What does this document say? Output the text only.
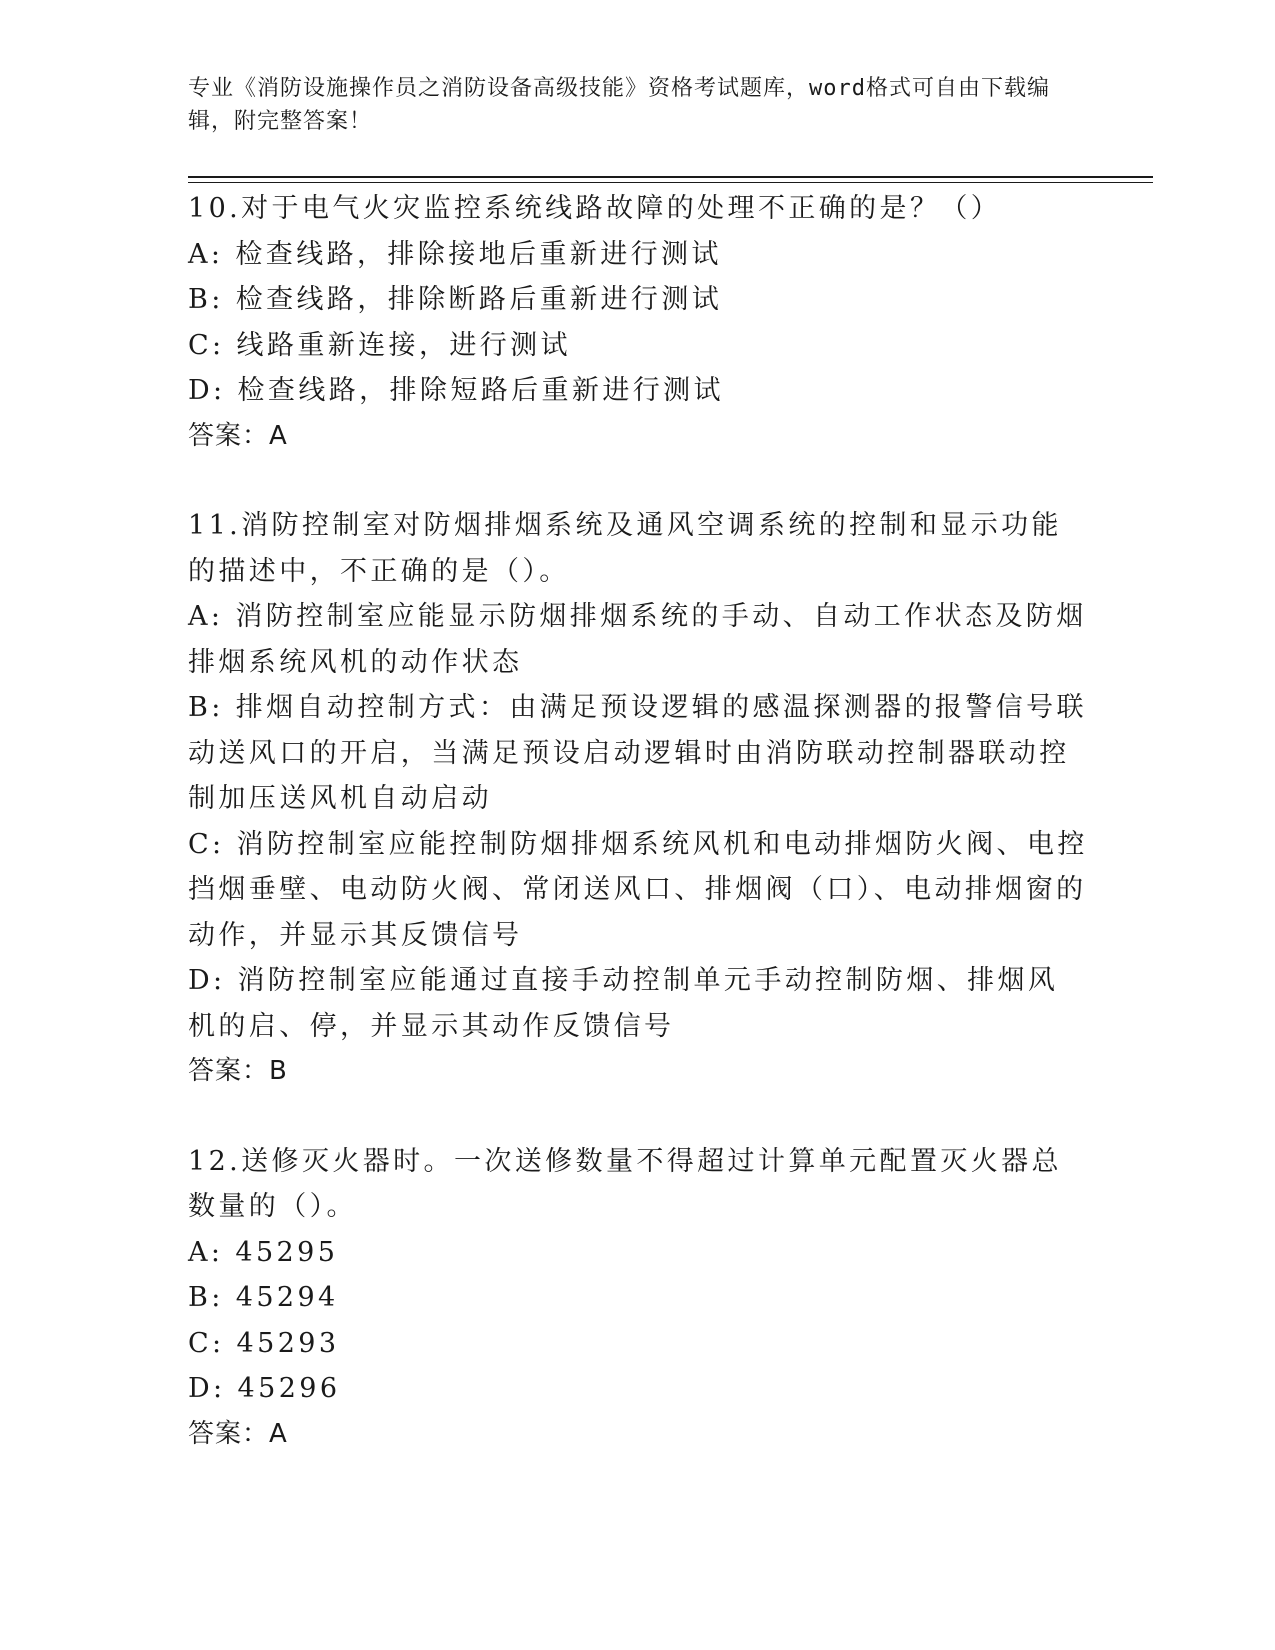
专业《消防设施操作员之消防设备高级技能》资格考试题库，word格式可自由下载编辑，附完整答案！

10.对于电气火灾监控系统线路故障的处理不正确的是？（）

A: 检查线路，排除接地后重新进行测试

B: 检查线路，排除断路后重新进行测试

C: 线路重新连接，进行测试

D: 检查线路，排除短路后重新进行测试

答案：A

11.消防控制室对防烟排烟系统及通风空调系统的控制和显示功能的描述中，不正确的是（）。

A: 消防控制室应能显示防烟排烟系统的手动、自动工作状态及防烟排烟系统风机的动作状态

B: 排烟自动控制方式：由满足预设逻辑的感温探测器的报警信号联动送风口的开启，当满足预设启动逻辑时由消防联动控制器联动控制加压送风机自动启动

C: 消防控制室应能控制防烟排烟系统风机和电动排烟防火阀、电控挡烟垂壁、电动防火阀、常闭送风口、排烟阀（口）、电动排烟窗的动作，并显示其反馈信号

D: 消防控制室应能通过直接手动控制单元手动控制防烟、排烟风机的启、停，并显示其动作反馈信号

答案：B

12.送修灭火器时。一次送修数量不得超过计算单元配置灭火器总数量的（）。

A: 45295

B: 45294

C: 45293

D: 45296

答案：A
